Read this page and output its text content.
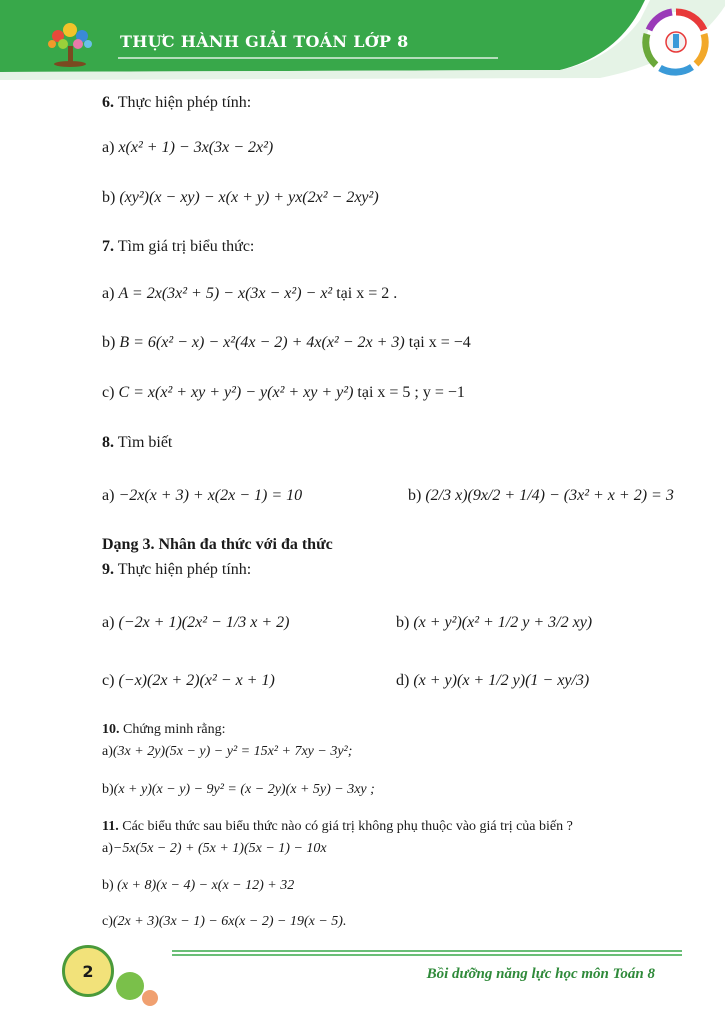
THỰC HÀNH GIẢI TOÁN LỚP 8
6. Thực hiện phép tính:
a) x(x² + 1) − 3x(3x − 2x²)
b) (xy²)(x − xy) − x(x + y) + yx(2x² − 2xy²)
7. Tìm giá trị biểu thức:
a) A = 2x(3x² + 5) − x(3x − x²) − x² tại x = 2 .
b) B = 6(x² − x) − x²(4x − 2) + 4x(x² − 2x + 3) tại x = −4
c) C = x(x² + xy + y²) − y(x² + xy + y²) tại x = 5 ; y = −1
8. Tìm biết
a) −2x(x + 3) + x(2x − 1) = 10	b) (2/3 x)(9x/2 + 1/4) − (3x² + x + 2) = 3
Dạng 3. Nhân đa thức với đa thức
9. Thực hiện phép tính:
a) (−2x + 1)(2x² − 1/3 x + 2)	b) (x + y²)(x² + 1/2 y + 3/2 xy)
c) (−x)(2x + 2)(x² − x + 1)	d) (x + y)(x + 1/2 y)(1 − xy/3)
10. Chứng minh rằng:
a)(3x + 2y)(5x − y) − y² = 15x² + 7xy − 3y²;
b)(x + y)(x − y) − 9y² = (x − 2y)(x + 5y) − 3xy ;
11. Các biểu thức sau biểu thức nào có giá trị không phụ thuộc vào giá trị của biến ?
a)−5x(5x − 2) + (5x + 1)(5x − 1) − 10x
b) (x + 8)(x − 4) − x(x − 12) + 32
c)(2x + 3)(3x − 1) − 6x(x − 2) − 19(x − 5).
2	Bồi dưỡng năng lực học môn Toán 8
